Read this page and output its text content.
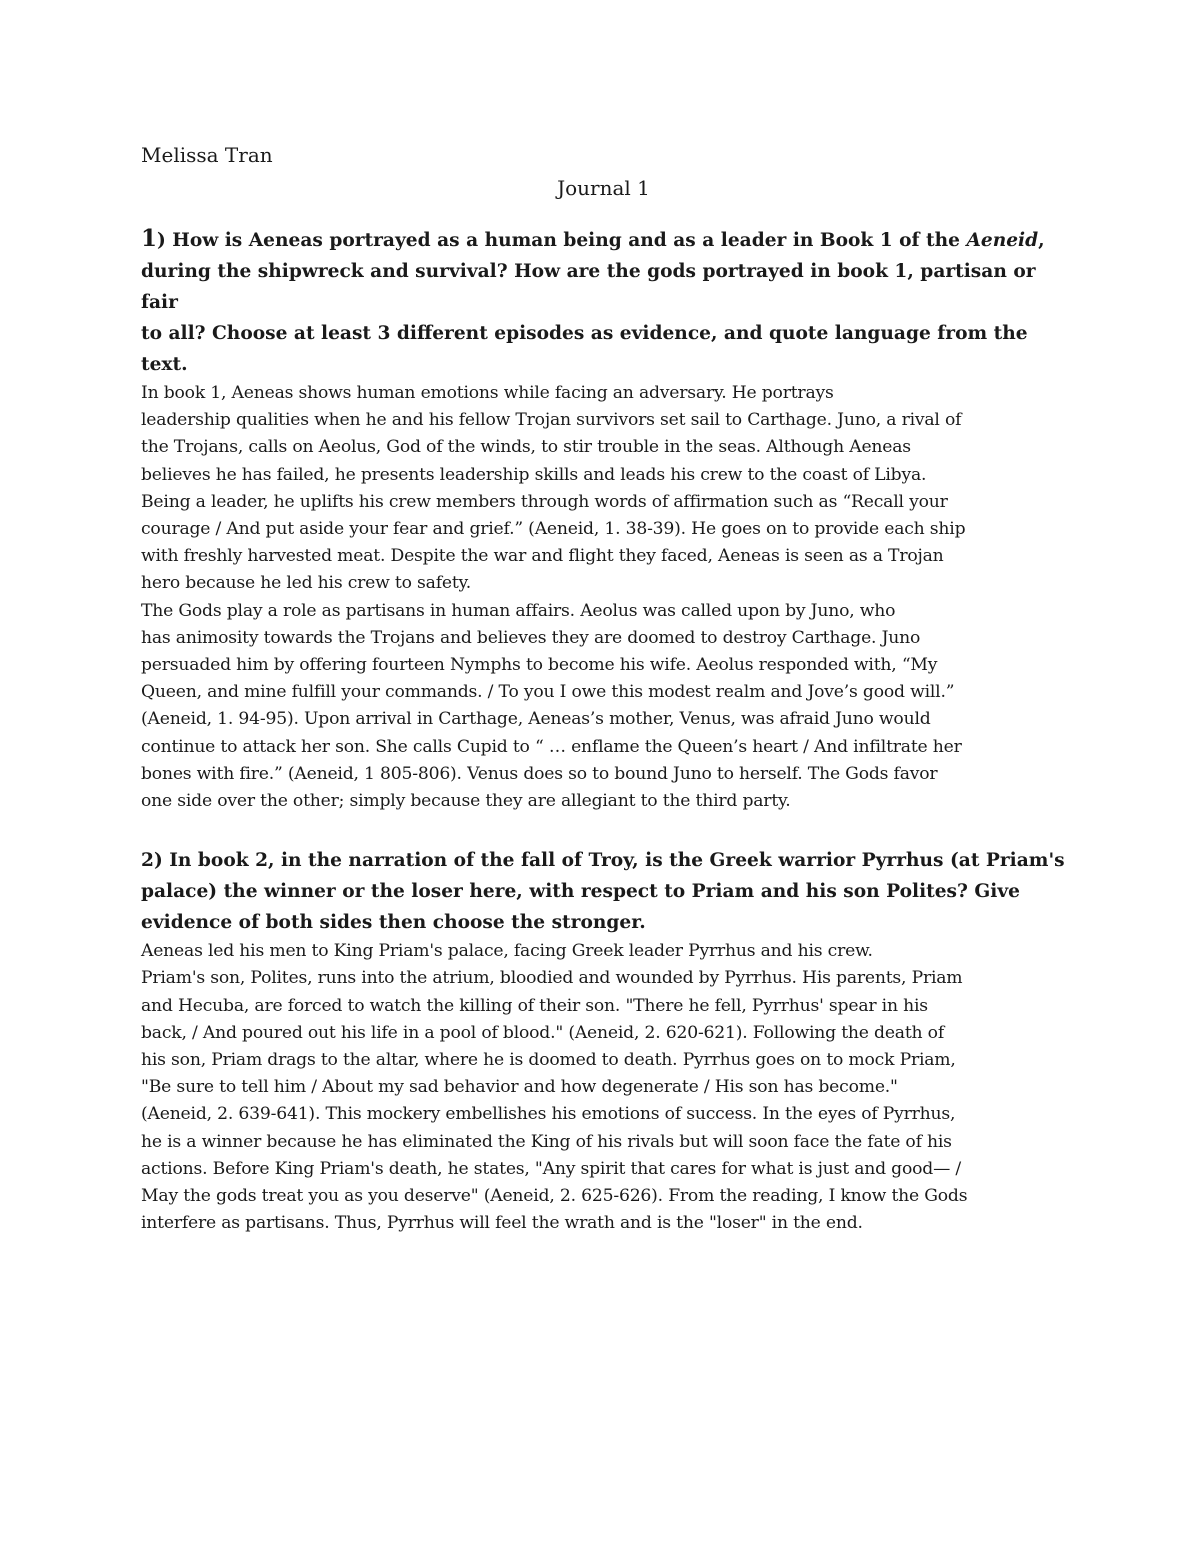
Melissa Tran

Journal 1

1) How is Aeneas portrayed as a human being and as a leader in Book 1 of the Aeneid,
during the shipwreck and survival? How are the gods portrayed in book 1, partisan or fair
to all? Choose at least 3 different episodes as evidence, and quote language from the text.

In book 1, Aeneas shows human emotions while facing an adversary. He portrays
leadership qualities when he and his fellow Trojan survivors set sail to Carthage. Juno, a rival of
the Trojans, calls on Aeolus, God of the winds, to stir trouble in the seas. Although Aeneas
believes he has failed, he presents leadership skills and leads his crew to the coast of Libya.
Being a leader, he uplifts his crew members through words of affirmation such as “Recall your
courage / And put aside your fear and grief.” (Aeneid, 1. 38-39). He goes on to provide each ship
with freshly harvested meat. Despite the war and flight they faced, Aeneas is seen as a Trojan
hero because he led his crew to safety.

The Gods play a role as partisans in human affairs. Aeolus was called upon by Juno, who
has animosity towards the Trojans and believes they are doomed to destroy Carthage. Juno
persuaded him by offering fourteen Nymphs to become his wife. Aeolus responded with, “My
Queen, and mine fulfill your commands. / To you I owe this modest realm and Jove’s good will.”
(Aeneid, 1. 94-95). Upon arrival in Carthage, Aeneas’s mother, Venus, was afraid Juno would
continue to attack her son. She calls Cupid to “ … enflame the Queen’s heart / And infiltrate her
bones with fire.” (Aeneid, 1 805-806). Venus does so to bound Juno to herself. The Gods favor
one side over the other; simply because they are allegiant to the third party.

2) In book 2, in the narration of the fall of Troy, is the Greek warrior Pyrrhus (at Priam's
palace) the winner or the loser here, with respect to Priam and his son Polites? Give
evidence of both sides then choose the stronger.

Aeneas led his men to King Priam's palace, facing Greek leader Pyrrhus and his crew.
Priam's son, Polites, runs into the atrium, bloodied and wounded by Pyrrhus. His parents, Priam
and Hecuba, are forced to watch the killing of their son. "There he fell, Pyrrhus' spear in his
back, / And poured out his life in a pool of blood." (Aeneid, 2. 620-621). Following the death of
his son, Priam drags to the altar, where he is doomed to death. Pyrrhus goes on to mock Priam,
"Be sure to tell him / About my sad behavior and how degenerate / His son has become."
(Aeneid, 2. 639-641). This mockery embellishes his emotions of success. In the eyes of Pyrrhus,
he is a winner because he has eliminated the King of his rivals but will soon face the fate of his
actions. Before King Priam's death, he states, "Any spirit that cares for what is just and good— /
May the gods treat you as you deserve" (Aeneid, 2. 625-626). From the reading, I know the Gods
interfere as partisans. Thus, Pyrrhus will feel the wrath and is the "loser" in the end.
